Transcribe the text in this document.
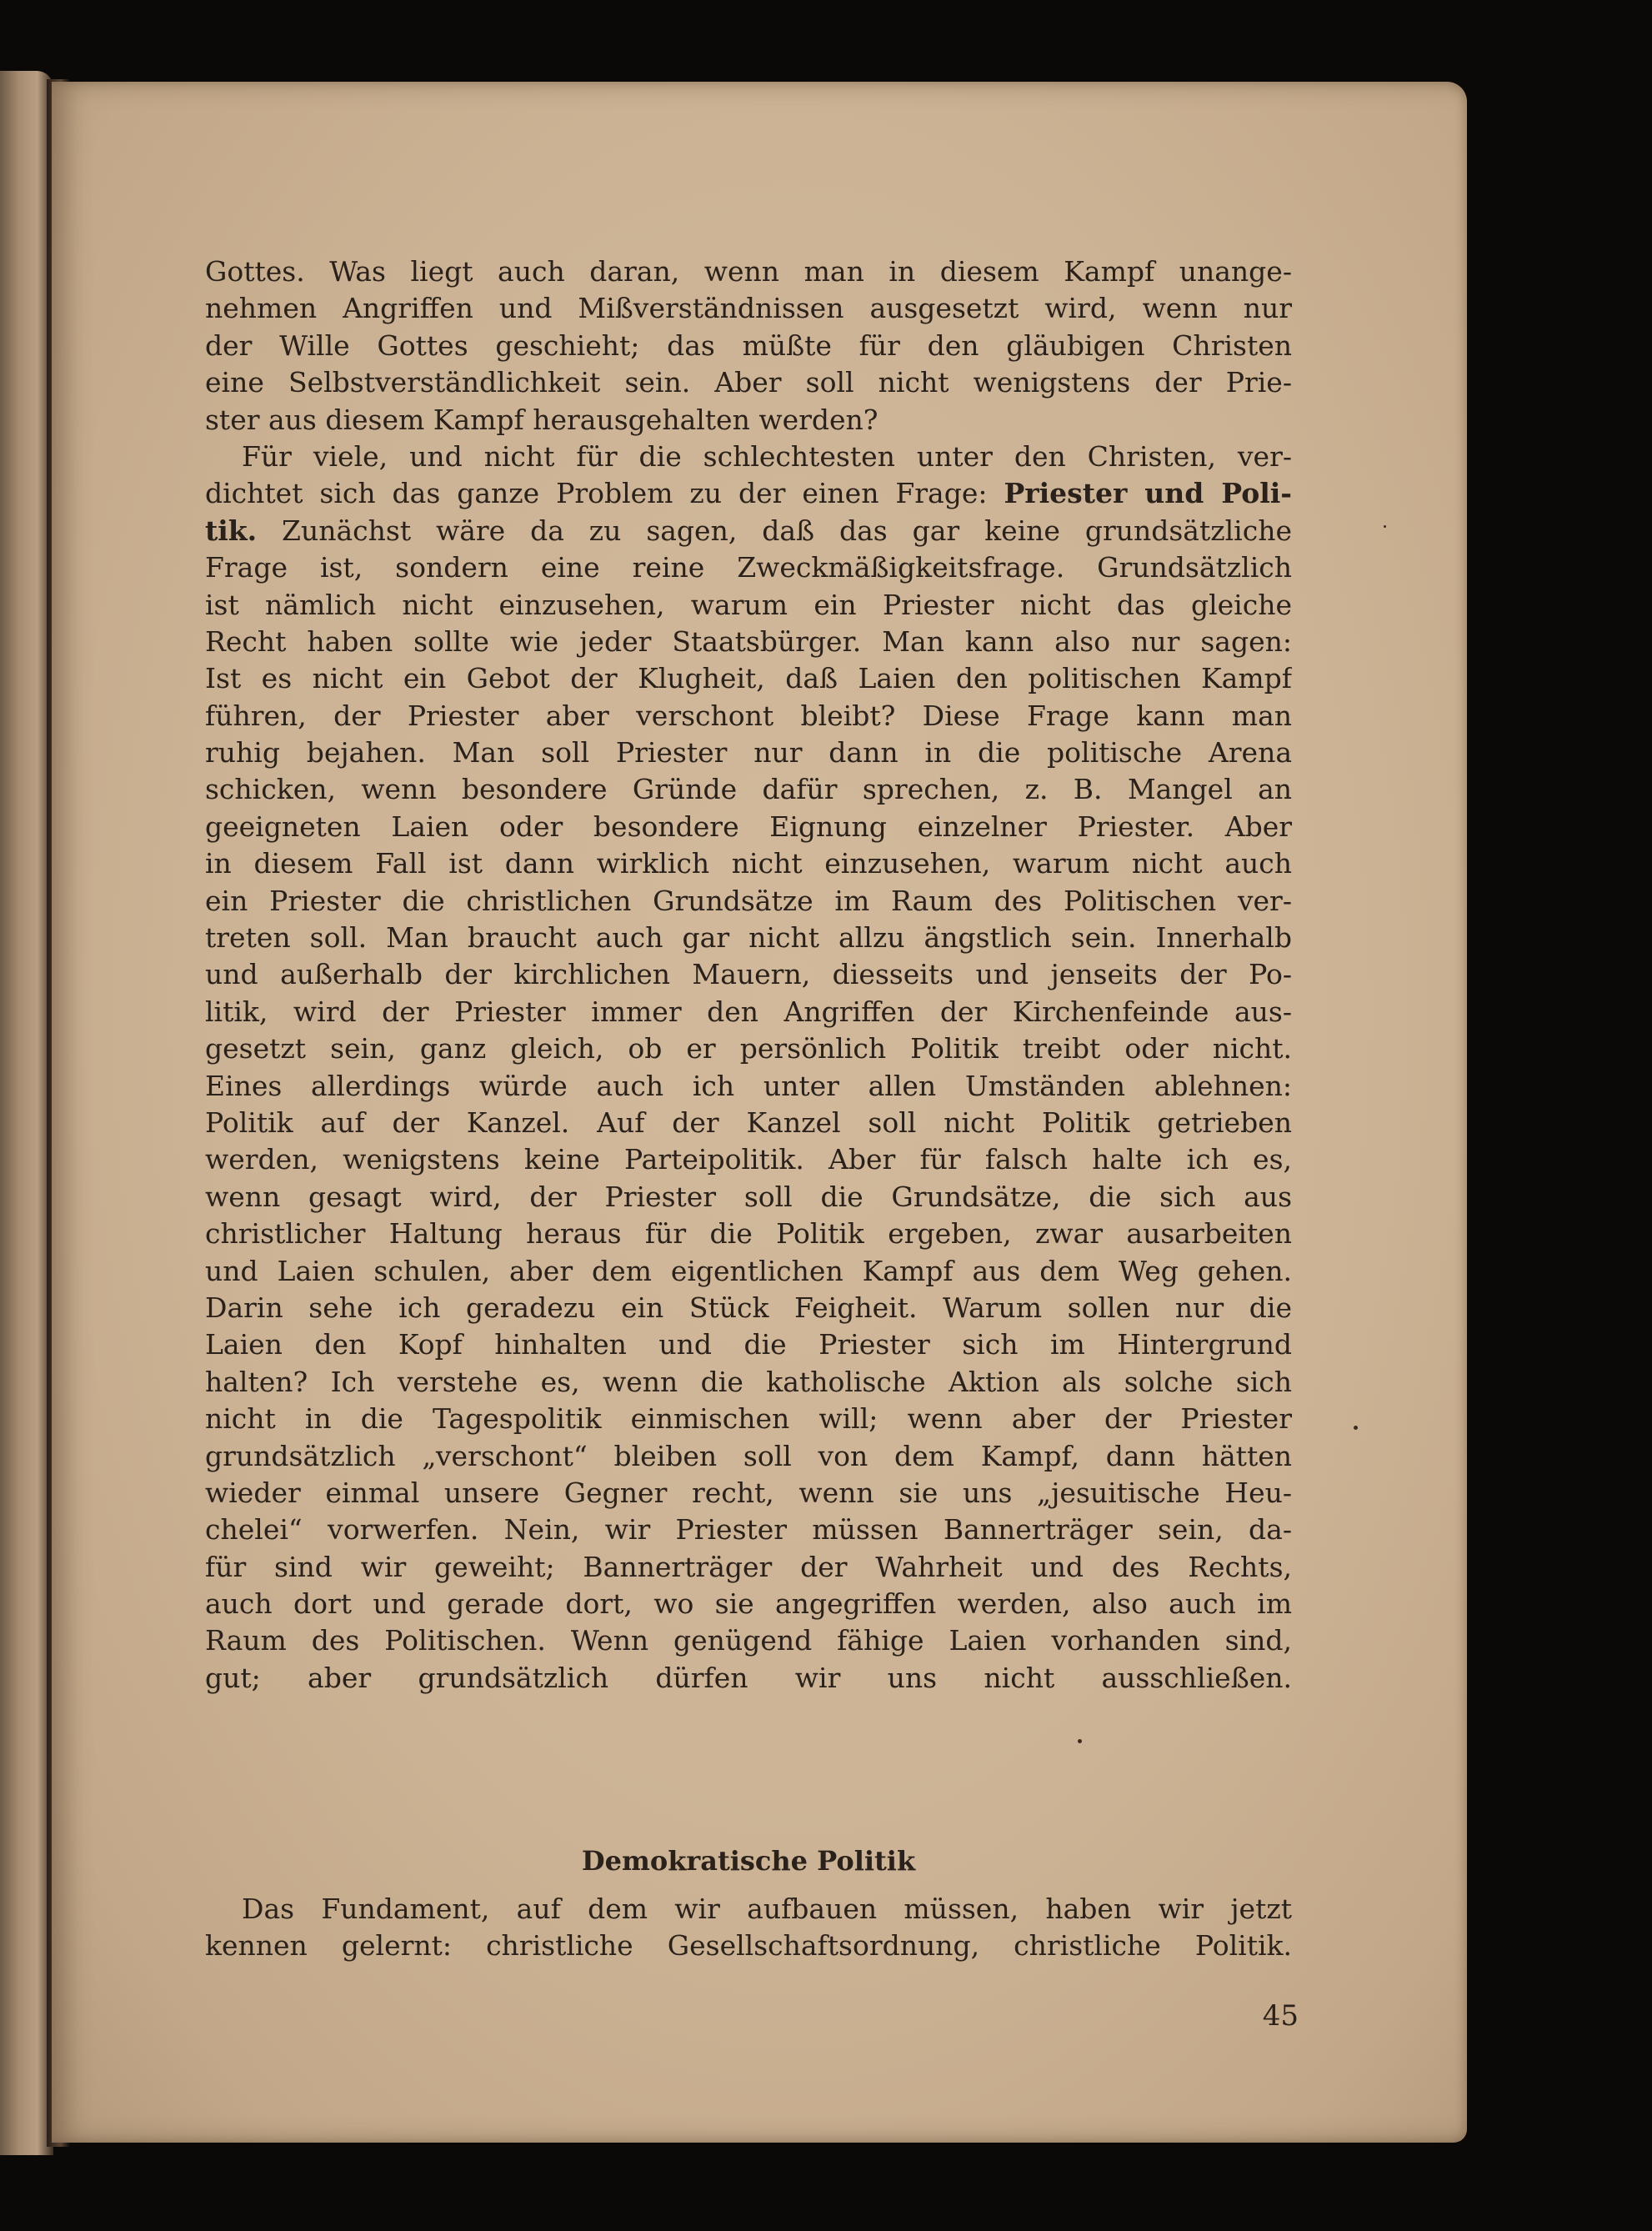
Gottes. Was liegt auch daran, wenn man in diesem Kampf unange-
nehmen Angriffen und Mißverständnissen ausgesetzt wird, wenn nur
der Wille Gottes geschieht; das müßte für den gläubigen Christen
eine Selbstverständlichkeit sein. Aber soll nicht wenigstens der Prie-
ster aus diesem Kampf herausgehalten werden?
Für viele, und nicht für die schlechtesten unter den Christen, ver-
dichtet sich das ganze Problem zu der einen Frage: Priester und Poli-
tik. Zunächst wäre da zu sagen, daß das gar keine grundsätzliche
Frage ist, sondern eine reine Zweckmäßigkeitsfrage. Grundsätzlich
ist nämlich nicht einzusehen, warum ein Priester nicht das gleiche
Recht haben sollte wie jeder Staatsbürger. Man kann also nur sagen:
Ist es nicht ein Gebot der Klugheit, daß Laien den politischen Kampf
führen, der Priester aber verschont bleibt? Diese Frage kann man
ruhig bejahen. Man soll Priester nur dann in die politische Arena
schicken, wenn besondere Gründe dafür sprechen, z. B. Mangel an
geeigneten Laien oder besondere Eignung einzelner Priester. Aber
in diesem Fall ist dann wirklich nicht einzusehen, warum nicht auch
ein Priester die christlichen Grundsätze im Raum des Politischen ver-
treten soll. Man braucht auch gar nicht allzu ängstlich sein. Innerhalb
und außerhalb der kirchlichen Mauern, diesseits und jenseits der Po-
litik, wird der Priester immer den Angriffen der Kirchenfeinde aus-
gesetzt sein, ganz gleich, ob er persönlich Politik treibt oder nicht.
Eines allerdings würde auch ich unter allen Umständen ablehnen:
Politik auf der Kanzel. Auf der Kanzel soll nicht Politik getrieben
werden, wenigstens keine Parteipolitik. Aber für falsch halte ich es,
wenn gesagt wird, der Priester soll die Grundsätze, die sich aus
christlicher Haltung heraus für die Politik ergeben, zwar ausarbeiten
und Laien schulen, aber dem eigentlichen Kampf aus dem Weg gehen.
Darin sehe ich geradezu ein Stück Feigheit. Warum sollen nur die
Laien den Kopf hinhalten und die Priester sich im Hintergrund
halten? Ich verstehe es, wenn die katholische Aktion als solche sich
nicht in die Tagespolitik einmischen will; wenn aber der Priester
grundsätzlich „verschont“ bleiben soll von dem Kampf, dann hätten
wieder einmal unsere Gegner recht, wenn sie uns „jesuitische Heu-
chelei“ vorwerfen. Nein, wir Priester müssen Bannerträger sein, da-
für sind wir geweiht; Bannerträger der Wahrheit und des Rechts,
auch dort und gerade dort, wo sie angegriffen werden, also auch im
Raum des Politischen. Wenn genügend fähige Laien vorhanden sind,
gut; aber grundsätzlich dürfen wir uns nicht ausschließen.
Demokratische Politik
Das Fundament, auf dem wir aufbauen müssen, haben wir jetzt
kennen gelernt: christliche Gesellschaftsordnung, christliche Politik.
45
